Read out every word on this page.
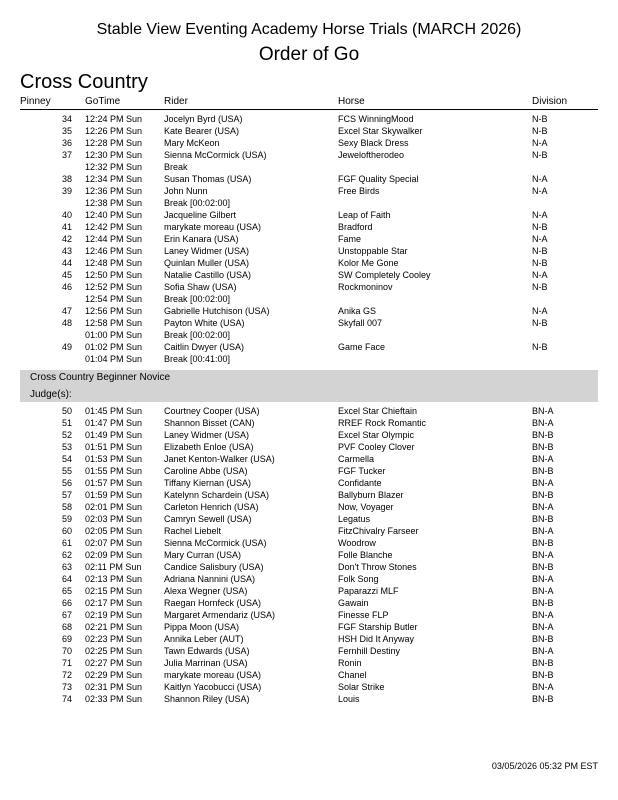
Stable View Eventing Academy Horse Trials (MARCH 2026)
Order of Go
Cross Country
Pinney	GoTime	Rider	Horse	Division
34 12:24 PM Sun Jocelyn Byrd (USA)	FCS WinningMood	N-B
35 12:26 PM Sun Kate Bearer (USA)	Excel Star Skywalker	N-B
36 12:28 PM Sun Mary McKeon	Sexy Black Dress	N-A
37 12:30 PM Sun Sienna McCormick (USA)	Jeweloftherodeo	N-B
12:32 PM Sun Break
38 12:34 PM Sun Susan Thomas (USA)	FGF Quality Special	N-A
39 12:36 PM Sun John Nunn	Free Birds	N-A
12:38 PM Sun Break [00:02:00]
40 12:40 PM Sun Jacqueline Gilbert	Leap of Faith	N-A
41 12:42 PM Sun marykate moreau (USA)	Bradford	N-B
42 12:44 PM Sun Erin Kanara (USA)	Fame	N-A
43 12:46 PM Sun Laney Widmer (USA)	Unstoppable Star	N-B
44 12:48 PM Sun Quinlan Muller (USA)	Kolor Me Gone	N-B
45 12:50 PM Sun Natalie Castillo (USA)	SW Completely Cooley	N-A
46 12:52 PM Sun Sofia Shaw (USA)	Rockmoninov	N-B
12:54 PM Sun Break [00:02:00]
47 12:56 PM Sun Gabrielle Hutchison (USA)	Anika GS	N-A
48 12:58 PM Sun Payton White (USA)	Skyfall 007	N-B
01:00 PM Sun Break [00:02:00]
49 01:02 PM Sun Caitlin Dwyer (USA)	Game Face	N-B
01:04 PM Sun Break [00:41:00]
Cross Country Beginner Novice
Judge(s):
50 01:45 PM Sun Courtney Cooper (USA)	Excel Star Chieftain	BN-A
51 01:47 PM Sun Shannon Bisset (CAN)	RREF Rock Romantic	BN-A
52 01:49 PM Sun Laney Widmer (USA)	Excel Star Olympic	BN-B
53 01:51 PM Sun Elizabeth Enloe (USA)	PVF Cooley Clover	BN-B
54 01:53 PM Sun Janet Kenton-Walker (USA)	Carmella	BN-A
55 01:55 PM Sun Caroline Abbe (USA)	FGF Tucker	BN-B
56 01:57 PM Sun Tiffany Kiernan (USA)	Confidante	BN-A
57 01:59 PM Sun Katelynn Schardein (USA)	Ballyburn Blazer	BN-B
58 02:01 PM Sun Carleton Henrich (USA)	Now, Voyager	BN-A
59 02:03 PM Sun Camryn Sewell (USA)	Legatus	BN-B
60 02:05 PM Sun Rachel Liebelt	FitzChivalry Farseer	BN-A
61 02:07 PM Sun Sienna McCormick (USA)	Woodrow	BN-B
62 02:09 PM Sun Mary Curran (USA)	Folle Blanche	BN-A
63 02:11 PM Sun	Candice Salisbury (USA)	Don't Throw Stones	BN-B
64 02:13 PM Sun Adriana Nannini (USA)	Folk Song	BN-A
65 02:15 PM Sun Alexa Wegner (USA)	Paparazzi MLF	BN-A
66 02:17 PM Sun Raegan Hornfeck (USA)	Gawain	BN-B
67 02:19 PM Sun Margaret Armendariz (USA)	Finesse FLP	BN-A
68 02:21 PM Sun Pippa Moon (USA)	FGF Starship Butler	BN-A
69 02:23 PM Sun Annika Leber (AUT)	HSH Did It Anyway	BN-B
70 02:25 PM Sun Tawn Edwards (USA)	Fernhill Destiny	BN-A
71 02:27 PM Sun Julia Marrinan (USA)	Ronin	BN-B
72 02:29 PM Sun marykate moreau (USA)	Chanel	BN-B
73 02:31 PM Sun Kaitlyn Yacobucci (USA)	Solar Strike	BN-A
74 02:33 PM Sun Shannon Riley (USA)	Louis	BN-B
03/05/2026 05:32 PM EST
